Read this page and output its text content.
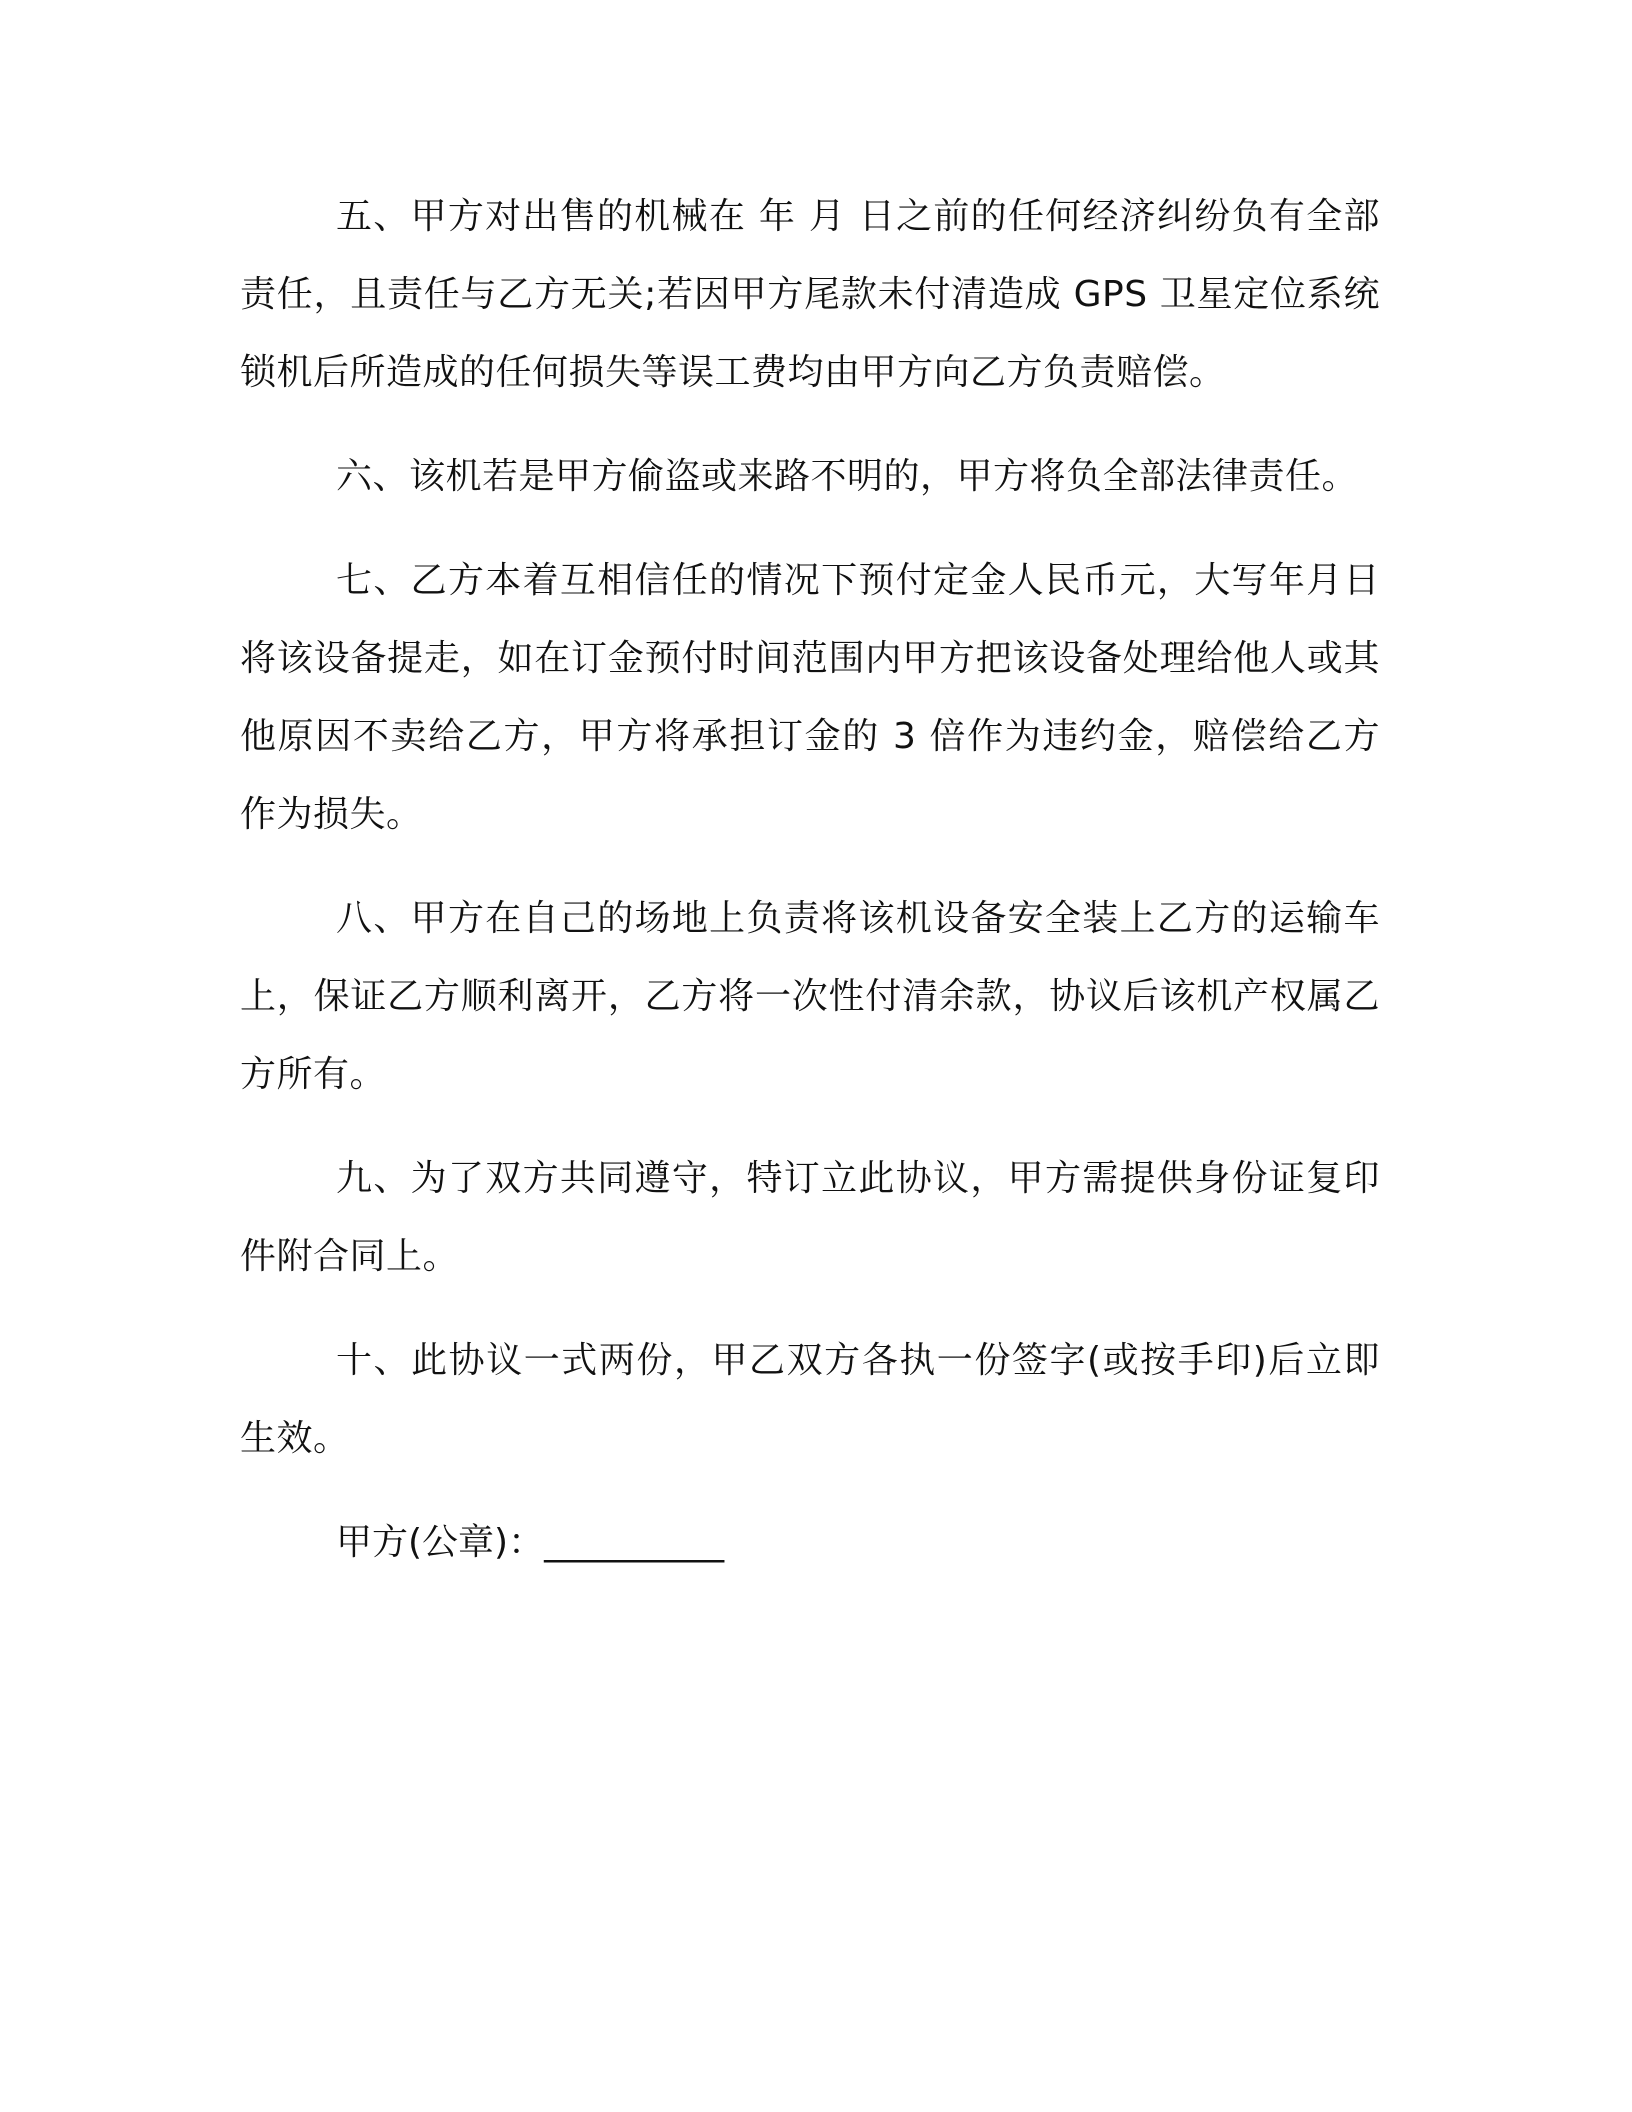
五、甲方对出售的机械在 年 月 日之前的任何经济纠纷负有全部责任，且责任与乙方无关;若因甲方尾款未付清造成 GPS 卫星定位系统锁机后所造成的任何损失等误工费均由甲方向乙方负责赔偿。

六、该机若是甲方偷盗或来路不明的，甲方将负全部法律责任。

七、乙方本着互相信任的情况下预付定金人民币元，大写年月日将该设备提走，如在订金预付时间范围内甲方把该设备处理给他人或其他原因不卖给乙方，甲方将承担订金的 3 倍作为违约金，赔偿给乙方作为损失。

八、甲方在自己的场地上负责将该机设备安全装上乙方的运输车上，保证乙方顺利离开，乙方将一次性付清余款，协议后该机产权属乙方所有。

九、为了双方共同遵守，特订立此协议，甲方需提供身份证复印件附合同上。

十、此协议一式两份，甲乙双方各执一份签字(或按手印)后立即生效。

甲方(公章)：__________
